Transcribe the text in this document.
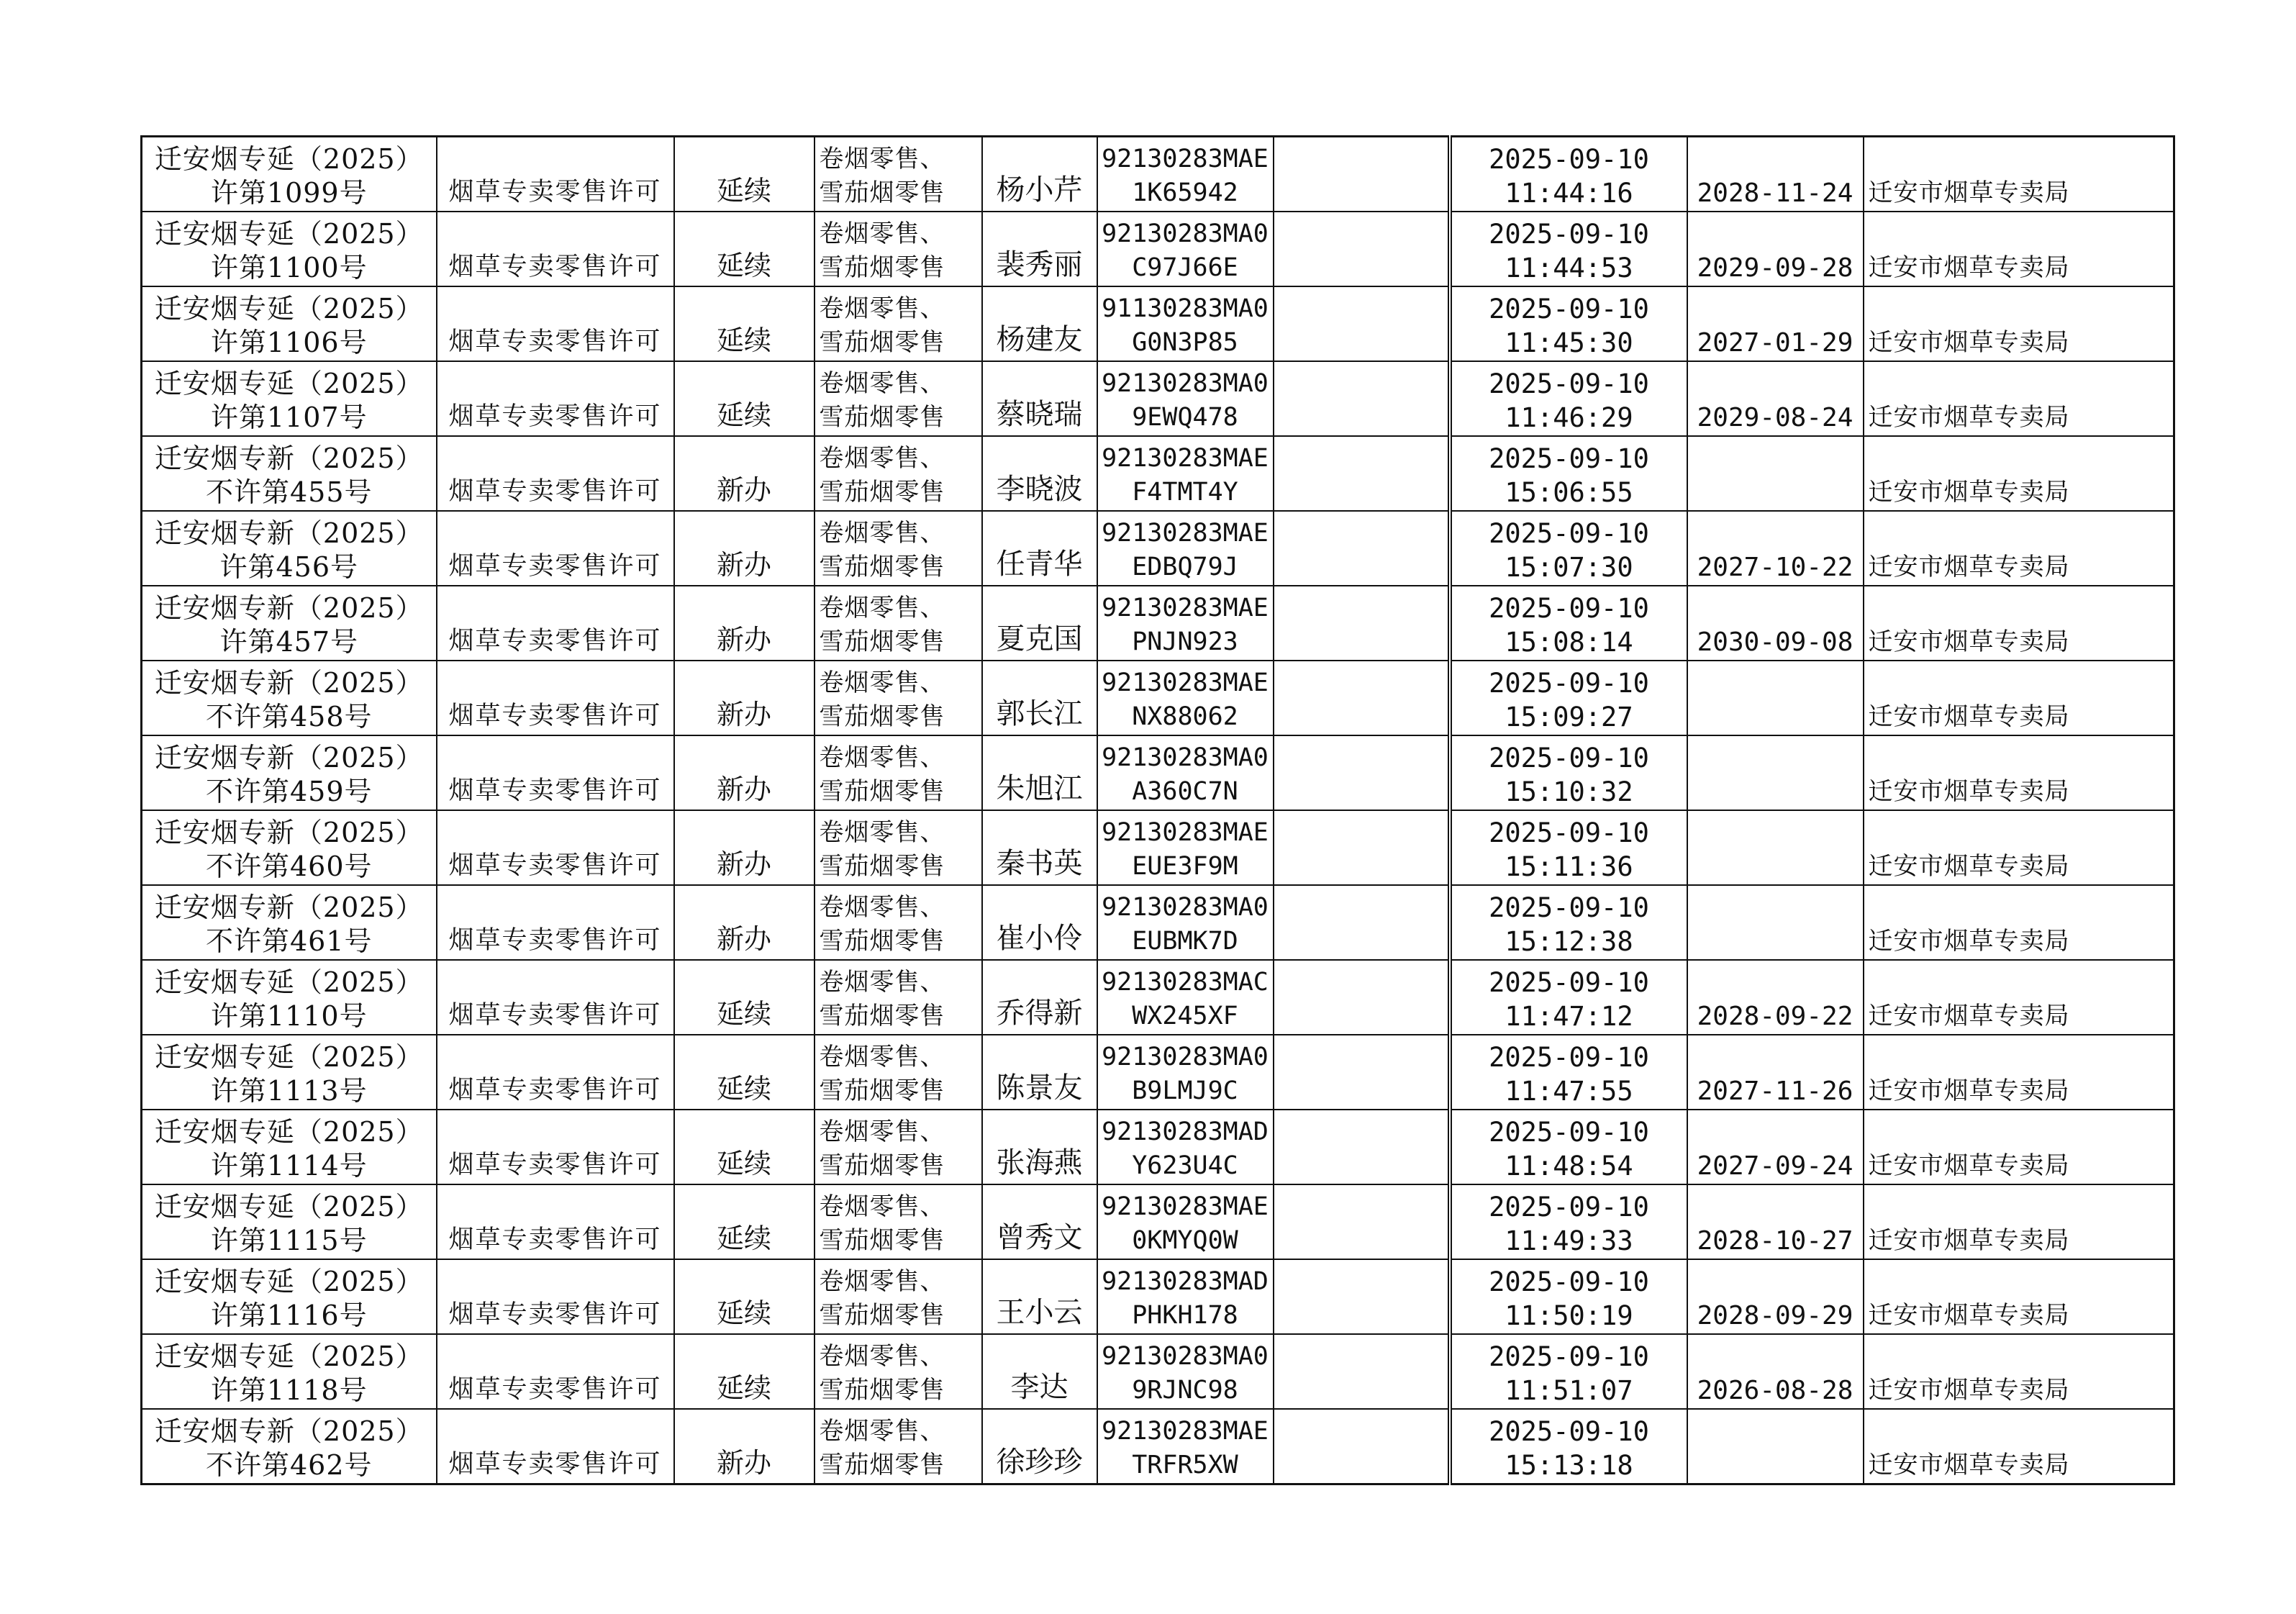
迁安烟专延（2025）
许第1099号	烟草专卖零售许可	延续	卷烟零售、
雪茄烟零售	杨小芹	92130283MAE
1K65942		2025-09-10
11:44:16	2028-11-24	迁安市烟草专卖局

迁安烟专延（2025）
许第1100号	烟草专卖零售许可	延续	卷烟零售、
雪茄烟零售	裴秀丽	92130283MA0
C97J66E		2025-09-10
11:44:53	2029-09-28	迁安市烟草专卖局

迁安烟专延（2025）
许第1106号	烟草专卖零售许可	延续	卷烟零售、
雪茄烟零售	杨建友	91130283MA0
G0N3P85		2025-09-10
11:45:30	2027-01-29	迁安市烟草专卖局

迁安烟专延（2025）
许第1107号	烟草专卖零售许可	延续	卷烟零售、
雪茄烟零售	蔡晓瑞	92130283MA0
9EWQ478		2025-09-10
11:46:29	2029-08-24	迁安市烟草专卖局

迁安烟专新（2025）
不许第455号	烟草专卖零售许可	新办	卷烟零售、
雪茄烟零售	李晓波	92130283MAE
F4TMT4Y		2025-09-10
15:06:55		迁安市烟草专卖局

迁安烟专新（2025）
许第456号	烟草专卖零售许可	新办	卷烟零售、
雪茄烟零售	任青华	92130283MAE
EDBQ79J		2025-09-10
15:07:30	2027-10-22	迁安市烟草专卖局

迁安烟专新（2025）
许第457号	烟草专卖零售许可	新办	卷烟零售、
雪茄烟零售	夏克国	92130283MAE
PNJN923		2025-09-10
15:08:14	2030-09-08	迁安市烟草专卖局

迁安烟专新（2025）
不许第458号	烟草专卖零售许可	新办	卷烟零售、
雪茄烟零售	郭长江	92130283MAE
NX88062		2025-09-10
15:09:27		迁安市烟草专卖局

迁安烟专新（2025）
不许第459号	烟草专卖零售许可	新办	卷烟零售、
雪茄烟零售	朱旭江	92130283MA0
A360C7N		2025-09-10
15:10:32		迁安市烟草专卖局

迁安烟专新（2025）
不许第460号	烟草专卖零售许可	新办	卷烟零售、
雪茄烟零售	秦书英	92130283MAE
EUE3F9M		2025-09-10
15:11:36		迁安市烟草专卖局

迁安烟专新（2025）
不许第461号	烟草专卖零售许可	新办	卷烟零售、
雪茄烟零售	崔小伶	92130283MA0
EUBMK7D		2025-09-10
15:12:38		迁安市烟草专卖局

迁安烟专延（2025）
许第1110号	烟草专卖零售许可	延续	卷烟零售、
雪茄烟零售	乔得新	92130283MAC
WX245XF		2025-09-10
11:47:12	2028-09-22	迁安市烟草专卖局

迁安烟专延（2025）
许第1113号	烟草专卖零售许可	延续	卷烟零售、
雪茄烟零售	陈景友	92130283MA0
B9LMJ9C		2025-09-10
11:47:55	2027-11-26	迁安市烟草专卖局

迁安烟专延（2025）
许第1114号	烟草专卖零售许可	延续	卷烟零售、
雪茄烟零售	张海燕	92130283MAD
Y623U4C		2025-09-10
11:48:54	2027-09-24	迁安市烟草专卖局

迁安烟专延（2025）
许第1115号	烟草专卖零售许可	延续	卷烟零售、
雪茄烟零售	曾秀文	92130283MAE
0KMYQ0W		2025-09-10
11:49:33	2028-10-27	迁安市烟草专卖局

迁安烟专延（2025）
许第1116号	烟草专卖零售许可	延续	卷烟零售、
雪茄烟零售	王小云	92130283MAD
PHKH178		2025-09-10
11:50:19	2028-09-29	迁安市烟草专卖局

迁安烟专延（2025）
许第1118号	烟草专卖零售许可	延续	卷烟零售、
雪茄烟零售	李达	92130283MA0
9RJNC98		2025-09-10
11:51:07	2026-08-28	迁安市烟草专卖局

迁安烟专新（2025）
不许第462号	烟草专卖零售许可	新办	卷烟零售、
雪茄烟零售	徐珍珍	92130283MAE
TRFR5XW		2025-09-10
15:13:18		迁安市烟草专卖局
